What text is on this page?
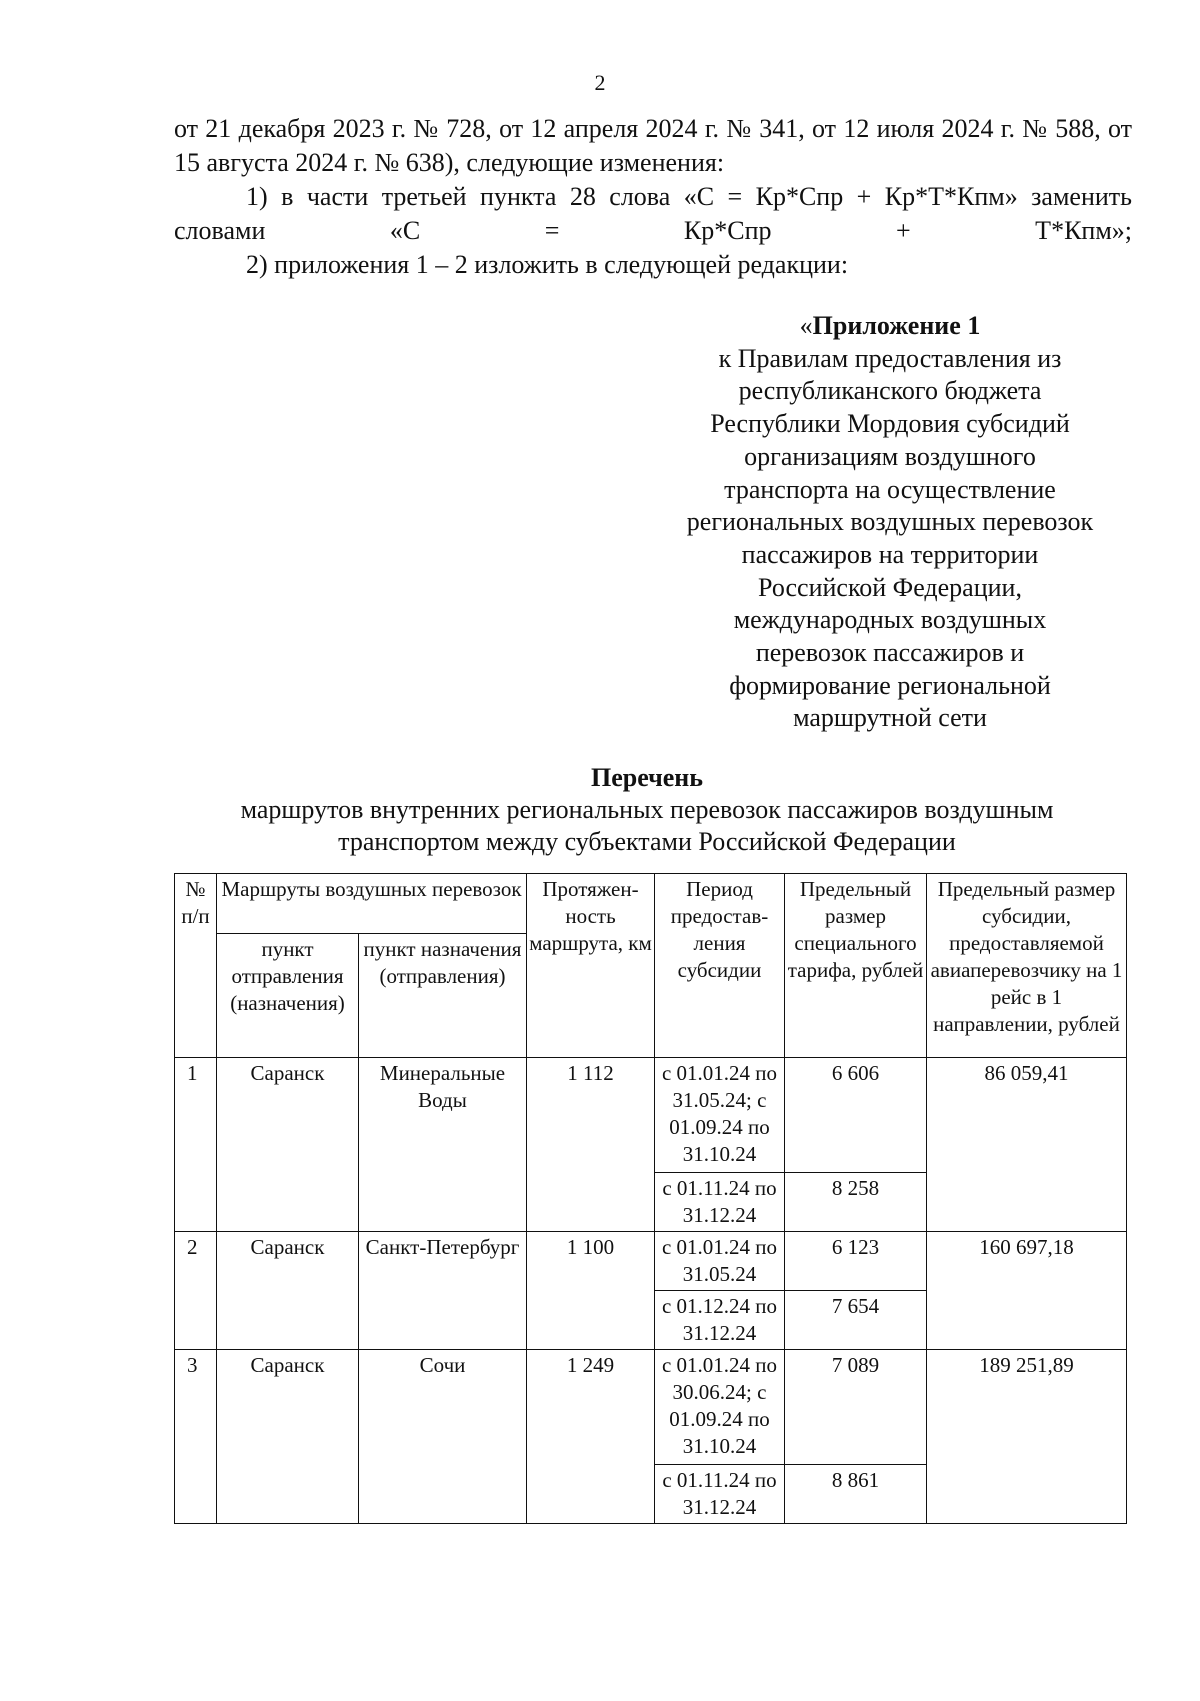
2

от 21 декабря 2023 г. № 728, от 12 апреля 2024 г. № 341, от 12 июля 2024 г. № 588, от 15 августа 2024 г. № 638), следующие изменения:

1) в части третьей пункта 28 слова «С = Кр*Спр + Кр*Т*Кпм» заменить словами «С = Кр*Спр + Т*Кпм»;

2) приложения 1 – 2 изложить в следующей редакции:

«Приложение 1
к Правилам предоставления из
республиканского бюджета
Республики Мордовия субсидий
организациям воздушного
транспорта на осуществление
региональных воздушных перевозок
пассажиров на территории
Российской Федерации,
международных воздушных
перевозок пассажиров и
формирование региональной
маршрутной сети
Перечень
маршрутов внутренних региональных перевозок пассажиров воздушным
транспортом между субъектами Российской Федерации
№ п/п	Маршруты воздушных перевозок		Протяжен-ность маршрута, км	Период предостав-ления субсидии	Предельный размер специального тарифа, рублей	Предельный размер субсидии, предоставляемой авиаперевозчику на 1 рейс в 1 направлении, рублей
	пункт отправления (назначения)	пункт назначения (отправления)				
1	Саранск	Минеральные Воды	1 112	с 01.01.24 по 31.05.24; с 01.09.24 по 31.10.24	6 606	86 059,41
				с 01.11.24 по 31.12.24	8 258	
2	Саранск	Санкт-Петербург	1 100	с 01.01.24 по 31.05.24	6 123	160 697,18
				с 01.12.24 по 31.12.24	7 654	
3	Саранск	Сочи	1 249	с 01.01.24 по 30.06.24; с 01.09.24 по 31.10.24	7 089	189 251,89
				с 01.11.24 по 31.12.24	8 861	
